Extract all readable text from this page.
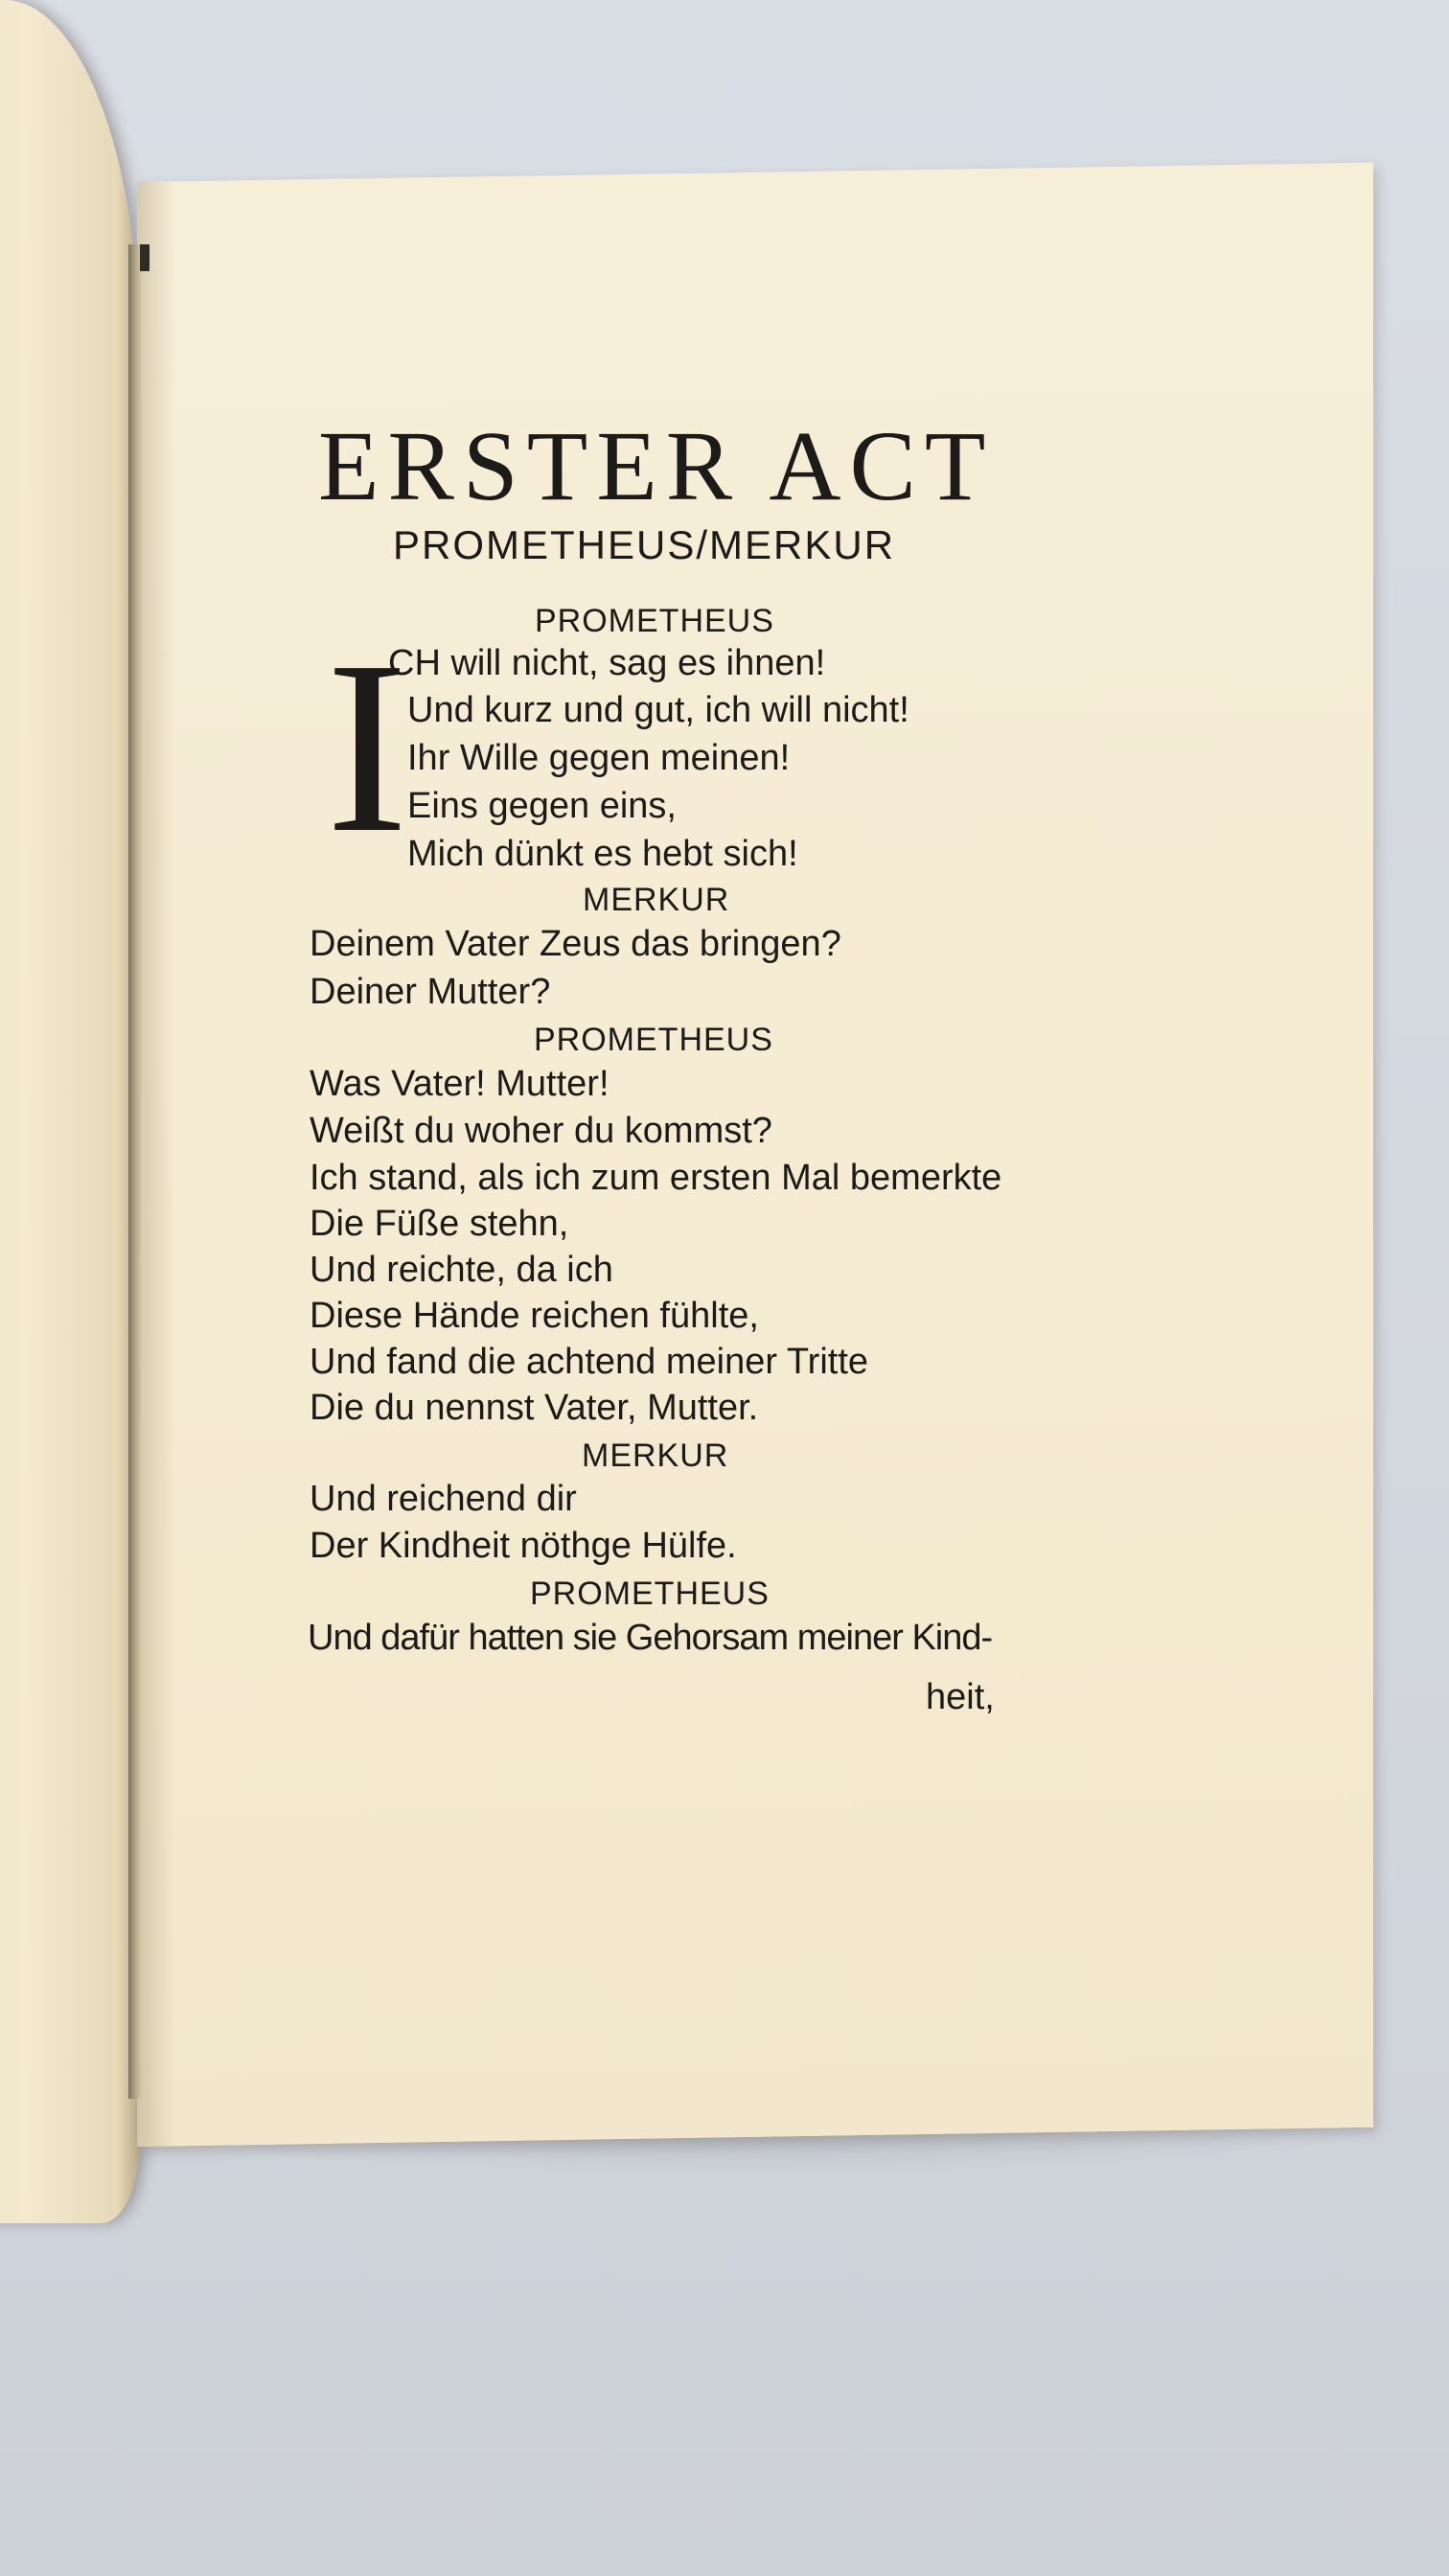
ERSTER ACT
PROMETHEUS/MERKUR
I	PROMETHEUS
CH will nicht, sag es ihnen!
Und kurz und gut, ich will nicht!
Ihr Wille gegen meinen!
Eins gegen eins,
Mich dünkt es hebt sich!
MERKUR
Deinem Vater Zeus das bringen?
Deiner Mutter?
PROMETHEUS
Was Vater! Mutter!
Weißt du woher du kommst?
Ich stand, als ich zum ersten Mal bemerkte
Die Füße stehn,
Und reichte, da ich
Diese Hände reichen fühlte,
Und fand die achtend meiner Tritte
Die du nennst Vater, Mutter.
MERKUR
Und reichend dir
Der Kindheit nöthge Hülfe.
PROMETHEUS
Und dafür hatten sie Gehorsam meiner Kind-
heit,
